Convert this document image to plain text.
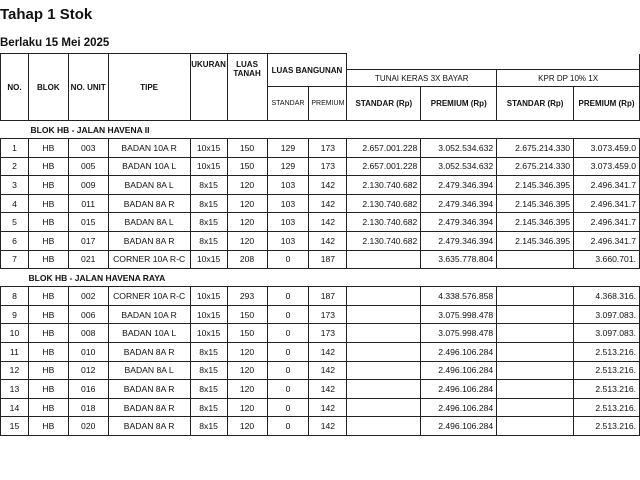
Tahap 1 Stok
Berlaku 15 Mei 2025
NO.	BLOK	NO. UNIT	TIPE	UKURAN	LUAS TANAH	LUAS BANGUNAN					
								TUNAI KERAS 3X BAYAR		KPR DP 10% 1X	
						STANDAR	PREMIUM	STANDAR (Rp)	PREMIUM (Rp)	STANDAR (Rp)	PREMIUM (Rp)
BLOK HB - JALAN HAVENA II											
1	HB	003	BADAN 10A R	10x15	150	129	173	2.657.001.228	3.052.534.632	2.675.214.330	3.073.459.0
2	HB	005	BADAN 10A L	10x15	150	129	173	2.657.001.228	3.052.534.632	2.675.214.330	3.073.459.0
3	HB	009	BADAN 8A L	8x15	120	103	142	2.130.740.682	2.479.346.394	2.145.346.395	2.496.341.7
4	HB	011	BADAN 8A R	8x15	120	103	142	2.130.740.682	2.479.346.394	2.145.346.395	2.496.341.7
5	HB	015	BADAN 8A L	8x15	120	103	142	2.130.740.682	2.479.346.394	2.145.346.395	2.496.341.7
6	HB	017	BADAN 8A R	8x15	120	103	142	2.130.740.682	2.479.346.394	2.145.346.395	2.496.341.7
7	HB	021	CORNER 10A R-C	10x15	208	0	187		3.635.778.804		3.660.701.
BLOK HB - JALAN HAVENA RAYA											
8	HB	002	CORNER 10A R-C	10x15	293	0	187		4.338.576.858		4.368.316.
9	HB	006	BADAN 10A R	10x15	150	0	173		3.075.998.478		3.097.083.
10	HB	008	BADAN 10A L	10x15	150	0	173		3.075.998.478		3.097.083.
11	HB	010	BADAN 8A R	8x15	120	0	142		2.496.106.284		2.513.216.
12	HB	012	BADAN 8A L	8x15	120	0	142		2.496.106.284		2.513.216.
13	HB	016	BADAN 8A R	8x15	120	0	142		2.496.106.284		2.513.216.
14	HB	018	BADAN 8A R	8x15	120	0	142		2.496.106.284		2.513.216.
15	HB	020	BADAN 8A R	8x15	120	0	142		2.496.106.284		2.513.216.
